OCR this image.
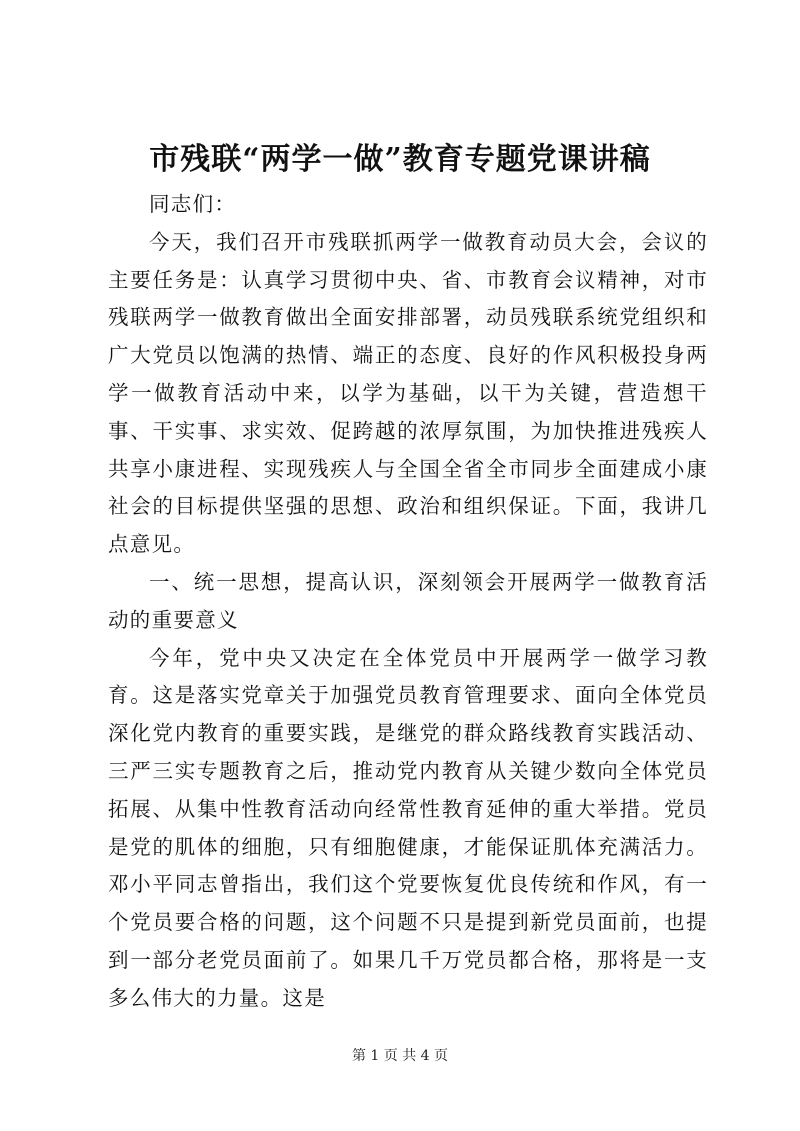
市残联“两学一做”教育专题党课讲稿

同志们：

今天，我们召开市残联抓两学一做教育动员大会，会议的主要任务是：认真学习贯彻中央、省、市教育会议精神，对市残联两学一做教育做出全面安排部署，动员残联系统党组织和广大党员以饱满的热情、端正的态度、良好的作风积极投身两学一做教育活动中来，以学为基础，以干为关键，营造想干事、干实事、求实效、促跨越的浓厚氛围，为加快推进残疾人共享小康进程、实现残疾人与全国全省全市同步全面建成小康社会的目标提供坚强的思想、政治和组织保证。下面，我讲几点意见。

一、统一思想，提高认识，深刻领会开展两学一做教育活动的重要意义

今年，党中央又决定在全体党员中开展两学一做学习教育。这是落实党章关于加强党员教育管理要求、面向全体党员深化党内教育的重要实践，是继党的群众路线教育实践活动、三严三实专题教育之后，推动党内教育从关键少数向全体党员拓展、从集中性教育活动向经常性教育延伸的重大举措。党员是党的肌体的细胞，只有细胞健康，才能保证肌体充满活力。邓小平同志曾指出，我们这个党要恢复优良传统和作风，有一个党员要合格的问题，这个问题不只是提到新党员面前，也提到一部分老党员面前了。如果几千万党员都合格，那将是一支多么伟大的力量。这是

第 1 页 共 4 页
